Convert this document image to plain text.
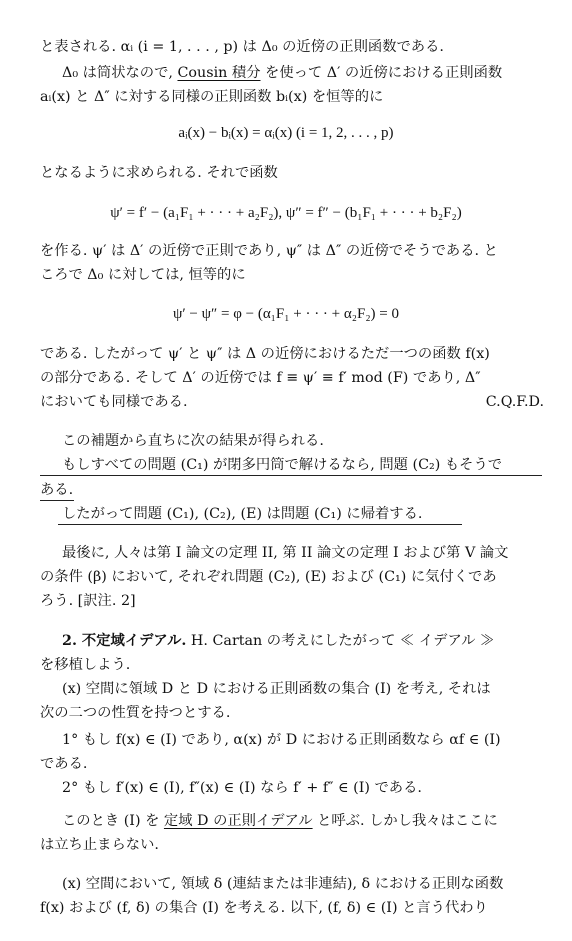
と表される. αᵢ (i = 1, . . . , p) は Δ₀ の近傍の正則函数である.
Δ₀ は筒状なので, Cousin 積分 を使って Δ′ の近傍における正則函数
aᵢ(x) と Δ″ に対する同様の正則函数 bᵢ(x) を恒等的に
aᵢ(x) − bᵢ(x) = αᵢ(x) (i = 1, 2, . . . , p)
となるように求められる. それで函数
ψ′ = f′ − (a₁F₁ + · · · + a₂F₂), ψ″ = f″ − (b₁F₁ + · · · + b₂F₂)
を作る. ψ′ は Δ′ の近傍で正則であり, ψ″ は Δ″ の近傍でそうである. と
ころで Δ₀ に対しては, 恒等的に
ψ′ − ψ″ = φ − (α₁F₁ + · · · + α₂F₂) = 0
である. したがって ψ′ と ψ″ は Δ の近傍におけるただ一つの函数 f(x)
の部分である. そして Δ′ の近傍では f ≡ ψ′ ≡ f′ mod (F) であり, Δ″
においても同様である.	C.Q.F.D.
この補題から直ちに次の結果が得られる.
もしすべての問題 (C₁) が閉多円筒で解けるなら, 問題 (C₂) もそうで
ある.
したがって問題 (C₁), (C₂), (E) は問題 (C₁) に帰着する.
最後に, 人々は第 I 論文の定理 II, 第 II 論文の定理 I および第 V 論文
の条件 (β) において, それぞれ問題 (C₂), (E) および (C₁) に気付くであ
ろう. [訳注. 2]
2. 不定域イデアル. H. Cartan の考えにしたがって ≪ イデアル ≫
を移植しよう.
(x) 空間に領域 D と D における正則函数の集合 (I) を考え, それは
次の二つの性質を持つとする.
1° もし f(x) ∈ (I) であり, α(x) が D における正則函数なら αf ∈ (I)
である.
2° もし f′(x) ∈ (I), f″(x) ∈ (I) なら f′ + f″ ∈ (I) である.
このとき (I) を 定域 D の正則イデアル と呼ぶ. しかし我々はここに
は立ち止まらない.
(x) 空間において, 領域 δ (連結または非連結), δ における正則な函数
f(x) および (f, δ) の集合 (I) を考える. 以下, (f, δ) ∈ (I) と言う代わり
